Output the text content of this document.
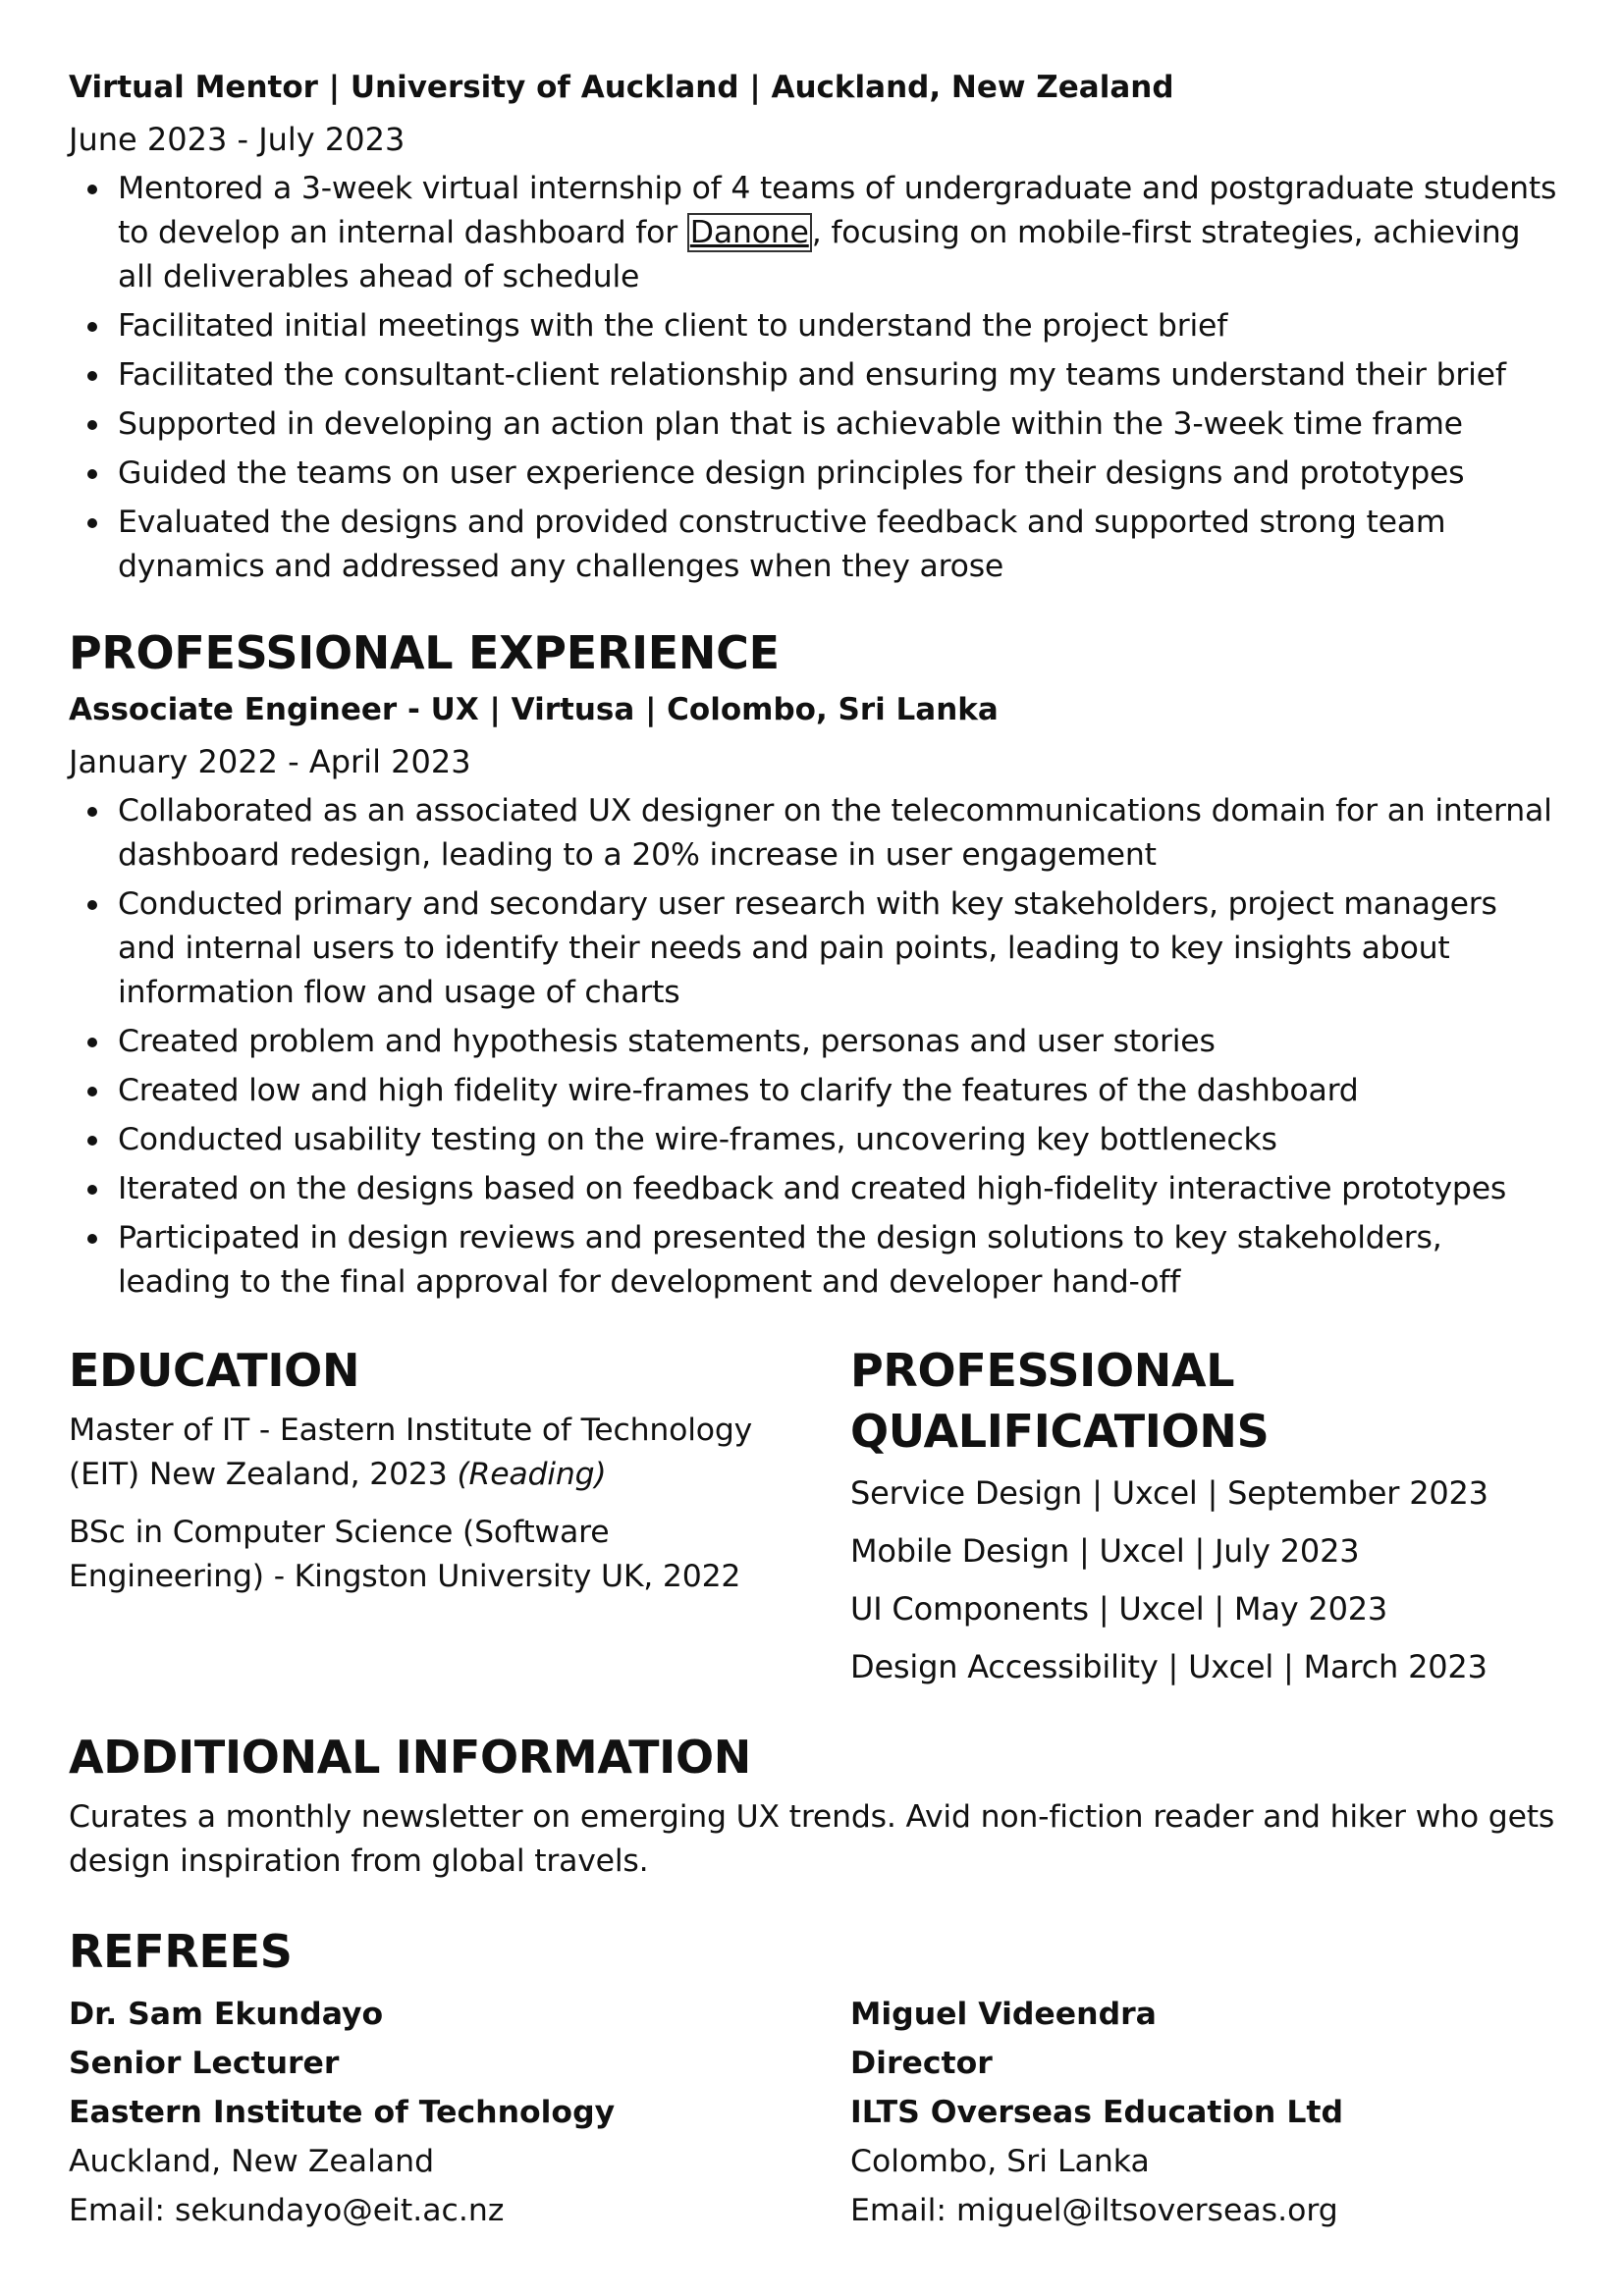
Virtual Mentor | University of Auckland | Auckland, New Zealand

June 2023 - July 2023

Mentored a 3-week virtual internship of 4 teams of undergraduate and postgraduate students to develop an internal dashboard for Danone, focusing on mobile-first strategies, achieving all deliverables ahead of schedule
Facilitated initial meetings with the client to understand the project brief
Facilitated the consultant-client relationship and ensuring my teams understand their brief
Supported in developing an action plan that is achievable within the 3-week time frame
Guided the teams on user experience design principles for their designs and prototypes
Evaluated the designs and provided constructive feedback and supported strong team dynamics and addressed any challenges when they arose
PROFESSIONAL EXPERIENCE

Associate Engineer - UX | Virtusa | Colombo, Sri Lanka

January 2022 - April 2023

Collaborated as an associated UX designer on the telecommunications domain for an internal dashboard redesign, leading to a 20% increase in user engagement
Conducted primary and secondary user research with key stakeholders, project managers and internal users to identify their needs and pain points, leading to key insights about information flow and usage of charts
Created problem and hypothesis statements, personas and user stories
Created low and high fidelity wire-frames to clarify the features of the dashboard
Conducted usability testing on the wire-frames, uncovering key bottlenecks
Iterated on the designs based on feedback and created high-fidelity interactive prototypes
Participated in design reviews and presented the design solutions to key stakeholders, leading to the final approval for development and developer hand-off
EDUCATION

Master of IT - Eastern Institute of Technology (EIT) New Zealand, 2023 (Reading)

BSc in Computer Science (Software Engineering) - Kingston University UK, 2022

PROFESSIONAL QUALIFICATIONS

Service Design | Uxcel | September 2023

Mobile Design | Uxcel | July 2023

UI Components | Uxcel | May 2023

Design Accessibility | Uxcel | March 2023

ADDITIONAL INFORMATION

Curates a monthly newsletter on emerging UX trends. Avid non-fiction reader and hiker who gets design inspiration from global travels.

REFREES

Dr. Sam Ekundayo

Senior Lecturer

Eastern Institute of Technology

Auckland, New Zealand

Email: sekundayo@eit.ac.nz

Miguel Videendra

Director

ILTS Overseas Education Ltd

Colombo, Sri Lanka

Email: miguel@iltsoverseas.org
